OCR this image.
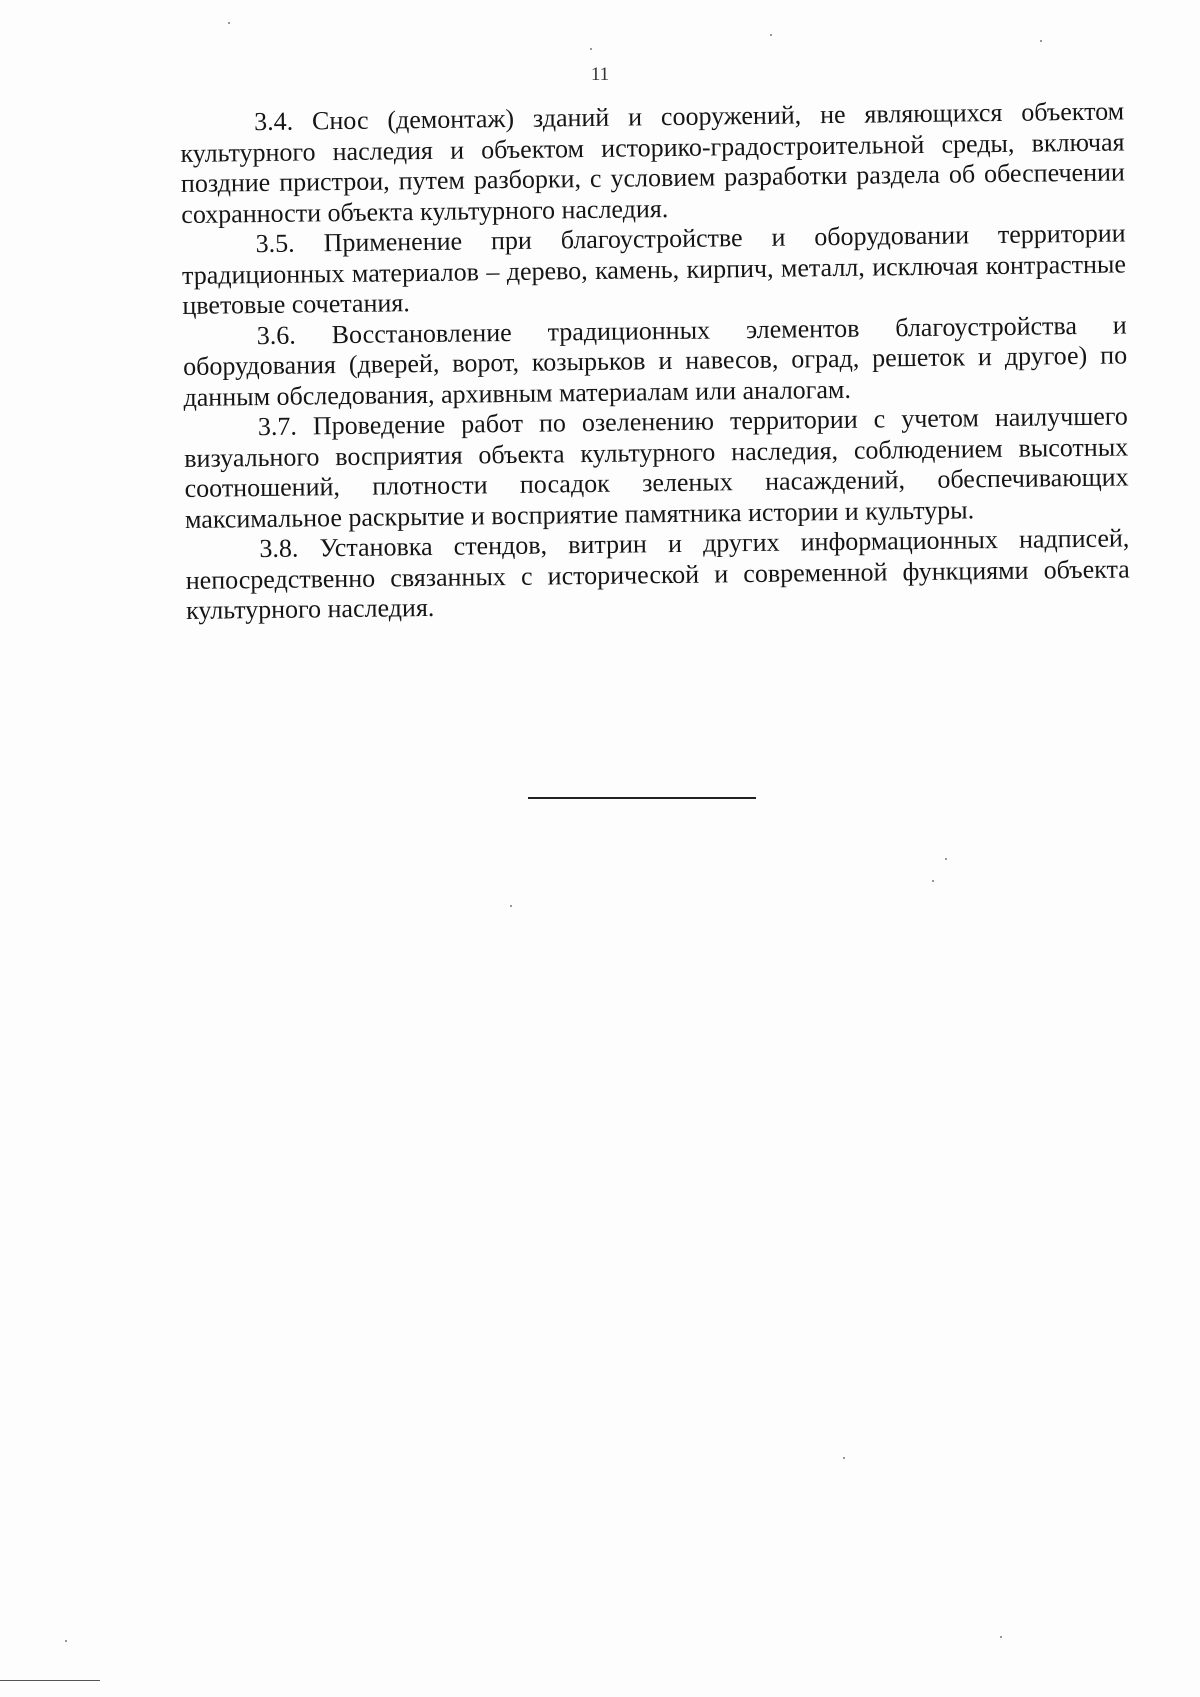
11

3.4. Снос (демонтаж) зданий и сооружений, не являющихся объектом культурного наследия и объектом историко-градостроительной среды, включая поздние пристрои, путем разборки, с условием разработки раздела об обеспечении сохранности объекта культурного наследия.

3.5. Применение при благоустройстве и оборудовании территории традиционных материалов – дерево, камень, кирпич, металл, исключая контрастные цветовые сочетания.

3.6. Восстановление традиционных элементов благоустройства и оборудования (дверей, ворот, козырьков и навесов, оград, решеток и другое) по данным обследования, архивным материалам или аналогам.

3.7. Проведение работ по озеленению территории с учетом наилучшего визуального восприятия объекта культурного наследия, соблюдением высотных соотношений, плотности посадок зеленых насаждений, обеспечивающих максимальное раскрытие и восприятие памятника истории и культуры.

3.8. Установка стендов, витрин и других информационных надписей, непосредственно связанных с исторической и современной функциями объекта культурного наследия.
